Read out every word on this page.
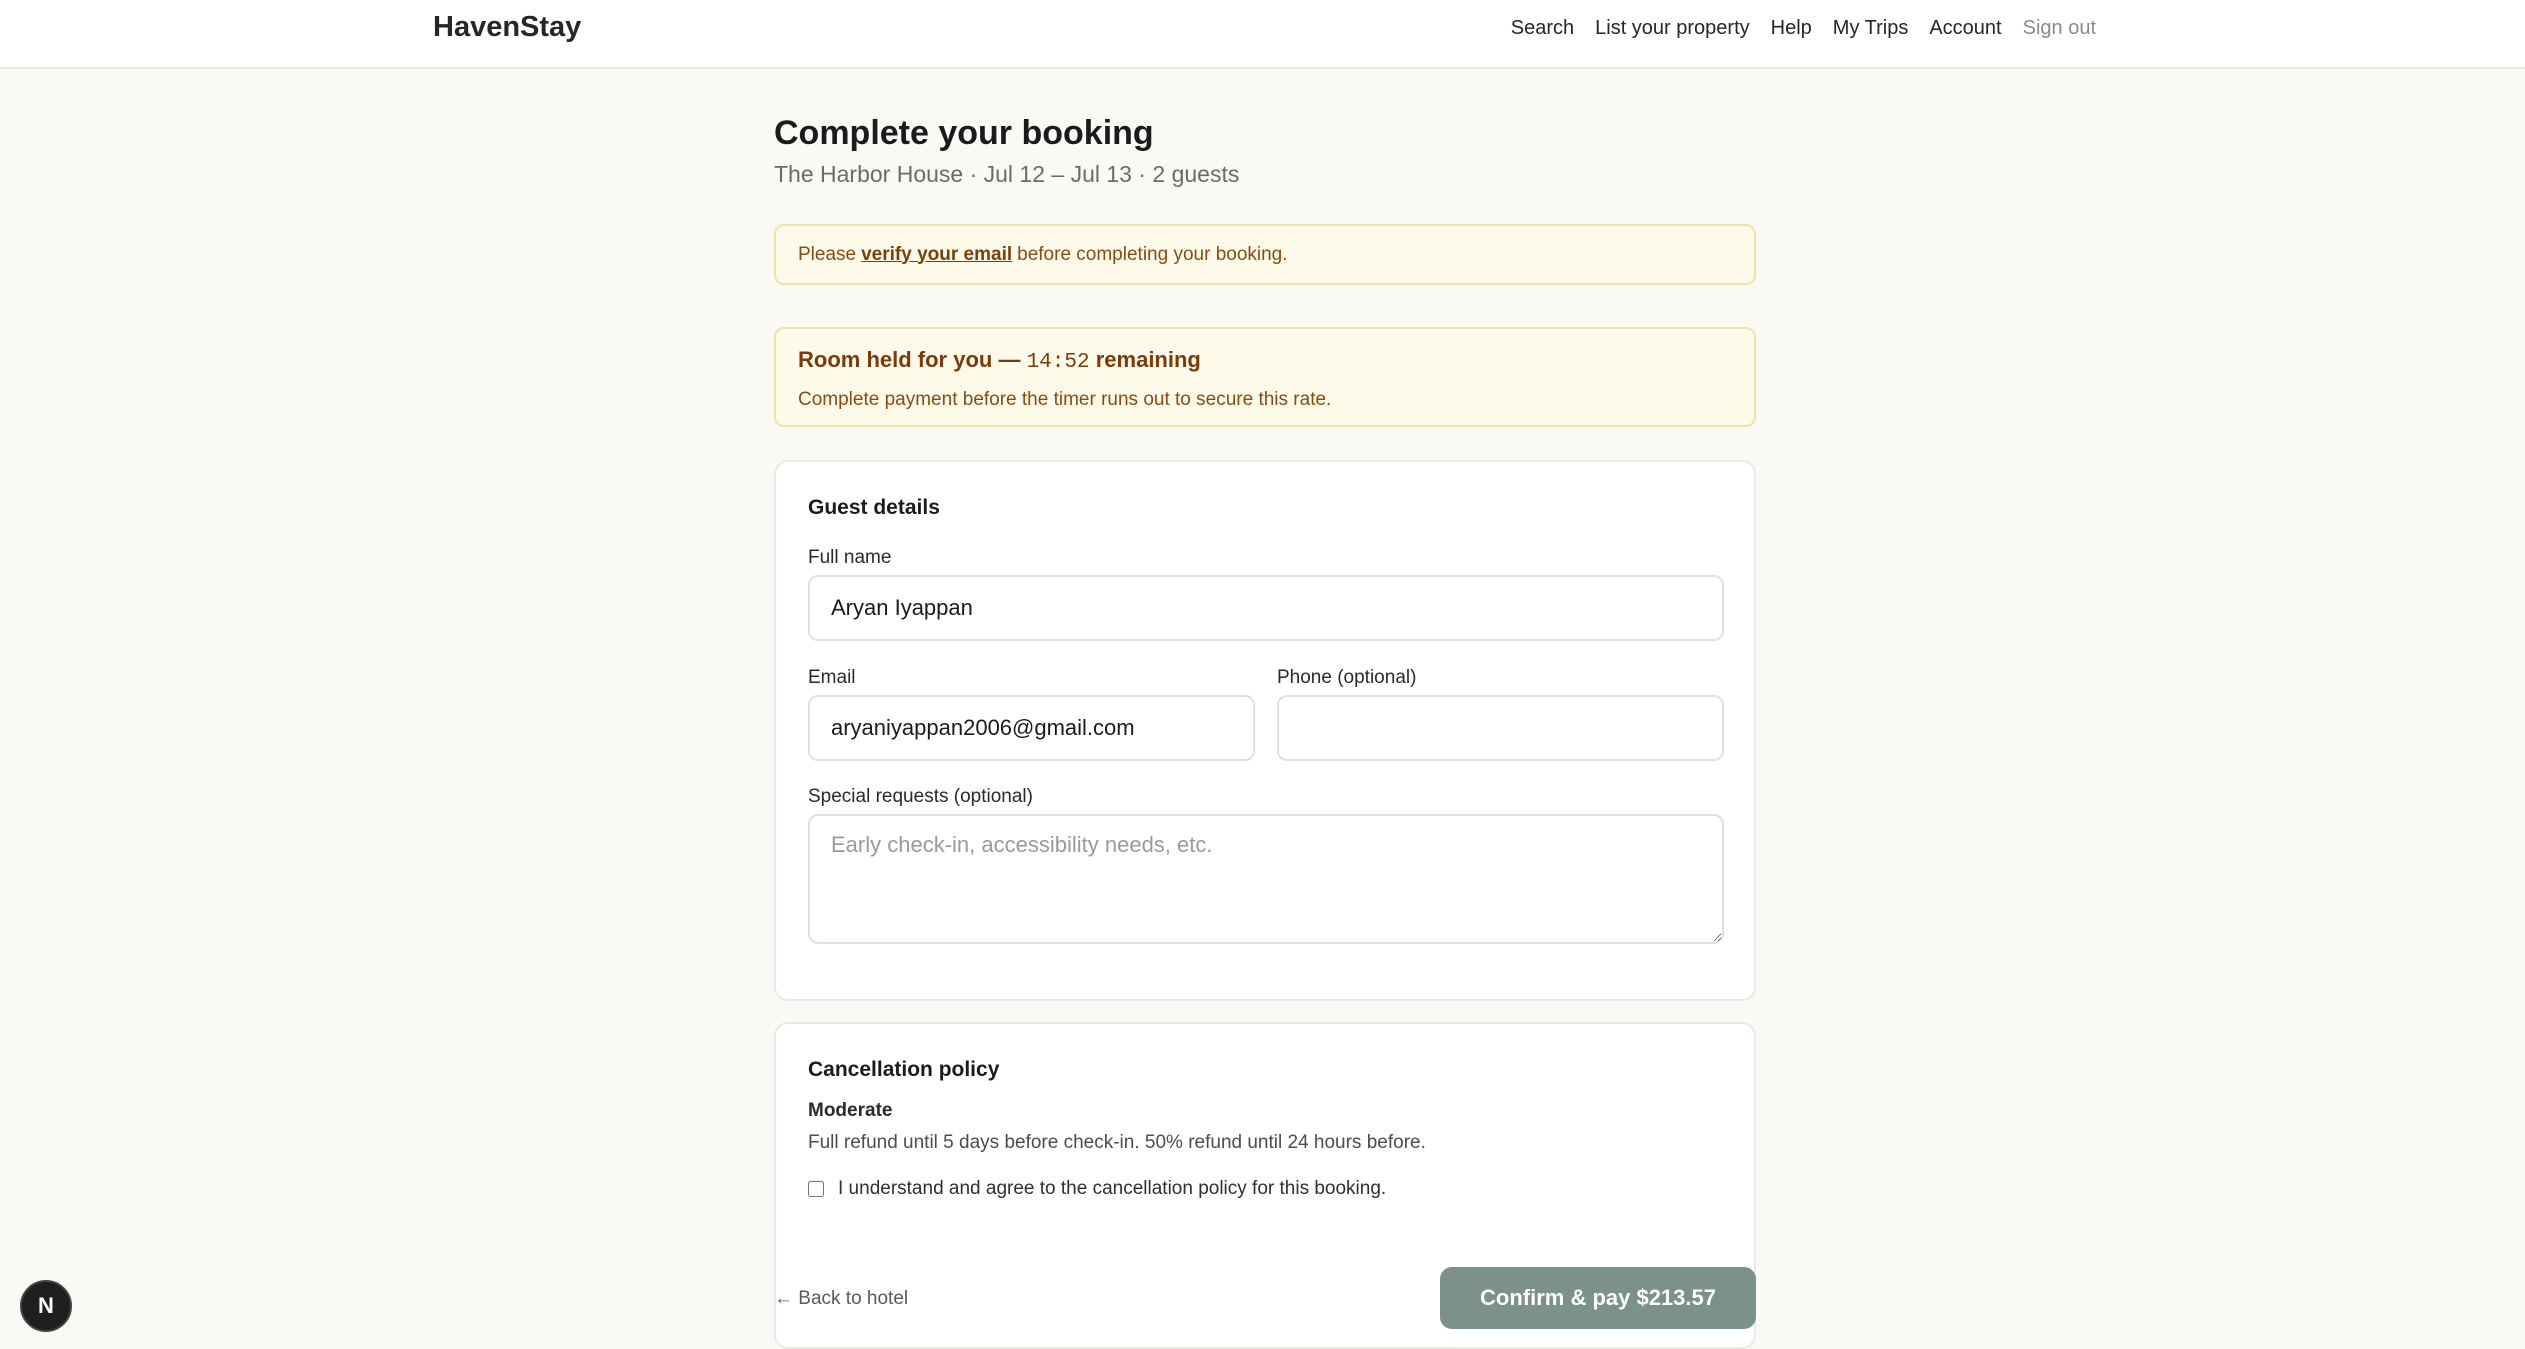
HavenStay	Search List your property Help My Trips Account Sign out
Complete your booking
The Harbor House · Jul 12 – Jul 13 · 2 guests
Please verify your email before completing your booking.
Room held for you — 14:52 remaining
Complete payment before the timer runs out to secure this rate.
Guest details
Full name
Aryan Iyappan
Email
aryaniyappan2006@gmail.com	Phone (optional)
Special requests (optional)
Early check-in, accessibility needs, etc.
Cancellation policy
Moderate
Full refund until 5 days before check-in. 50% refund until 24 hours before.
I understand and agree to the cancellation policy for this booking.
← Back to hotel	Confirm & pay $213.57
N
